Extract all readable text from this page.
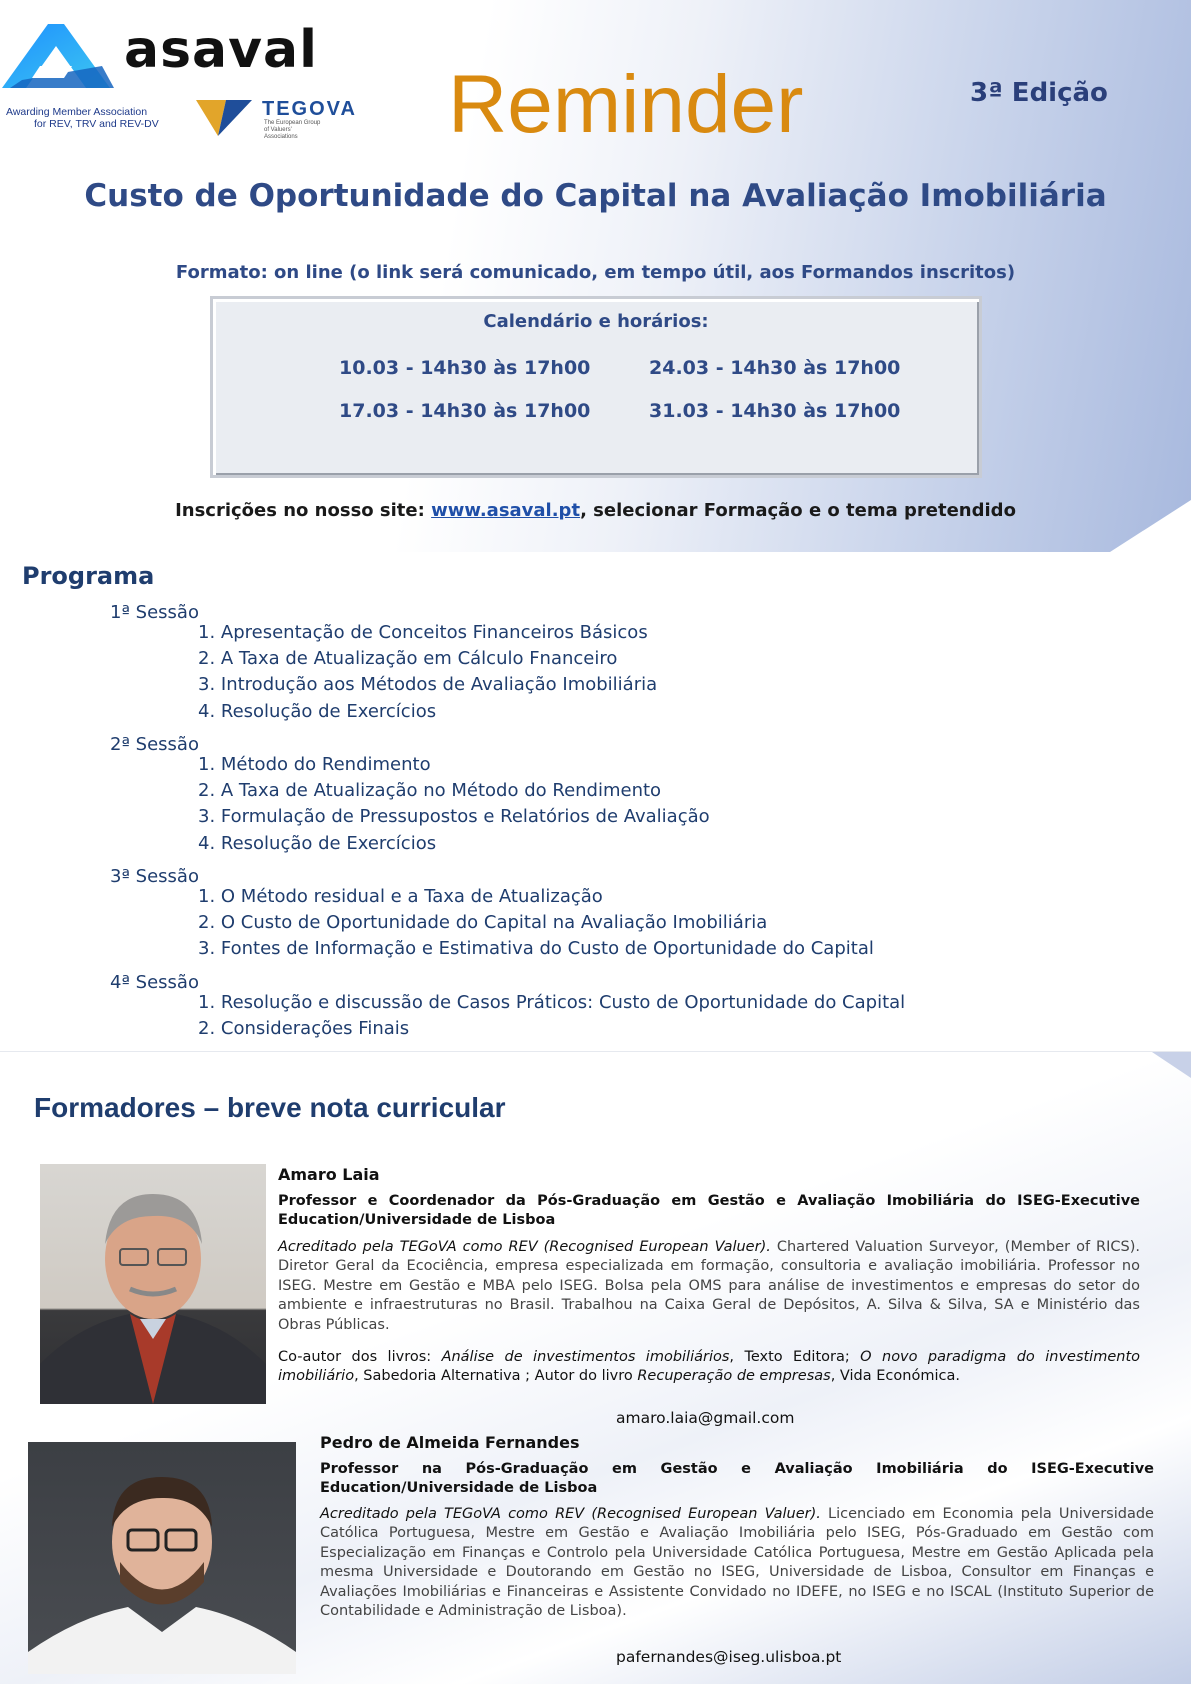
asaval
Awarding Member Association
for REV, TRV and REV-DV
TEGOVA
The European Group of Valuers' Associations	Reminder	3ª Edição
Custo de Oportunidade do Capital na Avaliação Imobiliária
Formato: on line (o link será comunicado, em tempo útil, aos Formandos inscritos)
Calendário e horários:
10.03 - 14h30 às 17h00	24.03 - 14h30 às 17h00
17.03 - 14h30 às 17h00	31.03 - 14h30 às 17h00
Inscrições no nosso site: www.asaval.pt, selecionar Formação e o tema pretendido
Programa
1ª Sessão
1. Apresentação de Conceitos Financeiros Básicos
2. A Taxa de Atualização em Cálculo Fnanceiro
3. Introdução aos Métodos de Avaliação Imobiliária
4. Resolução de Exercícios
2ª Sessão
1. Método do Rendimento
2. A Taxa de Atualização no Método do Rendimento
3. Formulação de Pressupostos e Relatórios de Avaliação
4. Resolução de Exercícios
3ª Sessão
1. O Método residual e a Taxa de Atualização
2. O Custo de Oportunidade do Capital na Avaliação Imobiliária
3. Fontes de Informação e Estimativa do Custo de Oportunidade do Capital
4ª Sessão
1. Resolução e discussão de Casos Práticos: Custo de Oportunidade do Capital
2. Considerações Finais
Formadores – breve nota curricular
Amaro Laia
Professor e Coordenador da Pós-Graduação em Gestão e Avaliação Imobiliária do ISEG-Executive Education/Universidade de Lisboa
Acreditado pela TEGoVA como REV (Recognised European Valuer). Chartered Valuation Surveyor, (Member of RICS). Diretor Geral da Ecociência, empresa especializada em formação, consultoria e avaliação imobiliária. Professor no ISEG. Mestre em Gestão e MBA pelo ISEG. Bolsa pela OMS para análise de investimentos e empresas do setor do ambiente e infraestruturas no Brasil. Trabalhou na Caixa Geral de Depósitos, A. Silva & Silva, SA e Ministério das Obras Públicas.
Co-autor dos livros: Análise de investimentos imobiliários, Texto Editora; O novo paradigma do investimento imobiliário, Sabedoria Alternativa ; Autor do livro Recuperação de empresas, Vida Económica.
amaro.laia@gmail.com
Pedro de Almeida Fernandes
Professor na Pós-Graduação em Gestão e Avaliação Imobiliária do ISEG-Executive Education/Universidade de Lisboa
Acreditado pela TEGoVA como REV (Recognised European Valuer). Licenciado em Economia pela Universidade Católica Portuguesa, Mestre em Gestão e Avaliação Imobiliária pelo ISEG, Pós-Graduado em Gestão com Especialização em Finanças e Controlo pela Universidade Católica Portuguesa, Mestre em Gestão Aplicada pela mesma Universidade e Doutorando em Gestão no ISEG, Universidade de Lisboa, Consultor em Finanças e Avaliações Imobiliárias e Financeiras e Assistente Convidado no IDEFE, no ISEG e no ISCAL (Instituto Superior de Contabilidade e Administração de Lisboa).
pafernandes@iseg.ulisboa.pt
